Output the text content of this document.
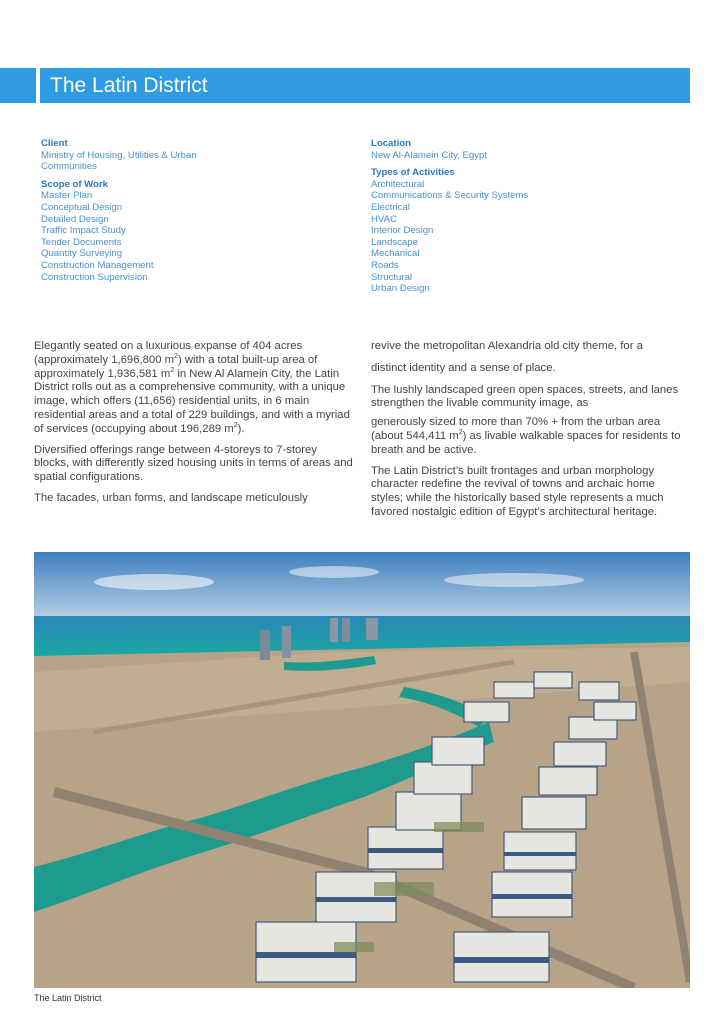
The Latin District
Client
Ministry of Housing, Utilities & Urban
Communities
Scope of Work
Master Plan
Conceptual Design
Detailed Design
Traffic Impact Study
Tender Documents
Quantity Surveying
Construction Management
Construction Supervision
Location
New Al-Alamein City, Egypt
Types of Activities
Architectural
Communications & Security Systems
Electrical
HVAC
Interior Design
Landscape
Mechanical
Roads
Structural
Urban Design

Elegantly seated on a luxurious expanse of 404 acres (approximately 1,696,800 $m^2$) with a total built-up area of approximately 1,936,581 $m^2$ in New Al Alamein City, the Latin District rolls out as a comprehensive community, with a unique image, which offers (11,656) residential units, in 6 main residential areas and a total of 229 buildings, and with a myriad of services (occupying about 196,289 $m^2$).

Diversified offerings range between 4-storeys to 7-storey blocks, with differently sized housing units in terms of areas and spatial configurations.

The facades, urban forms, and landscape meticulously

revive the metropolitan Alexandria old city theme, for a

distinct identity and a sense of place.

The lushly landscaped green open spaces, streets, and lanes strengthen the livable community image, as

generously sized to more than 70% + from the urban area (about 544,411 $m^2$) as livable walkable spaces for residents to breath and be active.

The Latin District’s built frontages and urban morphology character redefine the revival of towns and archaic home styles; while the historically based style represents a much favored nostalgic edition of Egypt’s architectural heritage.

The Latin District
